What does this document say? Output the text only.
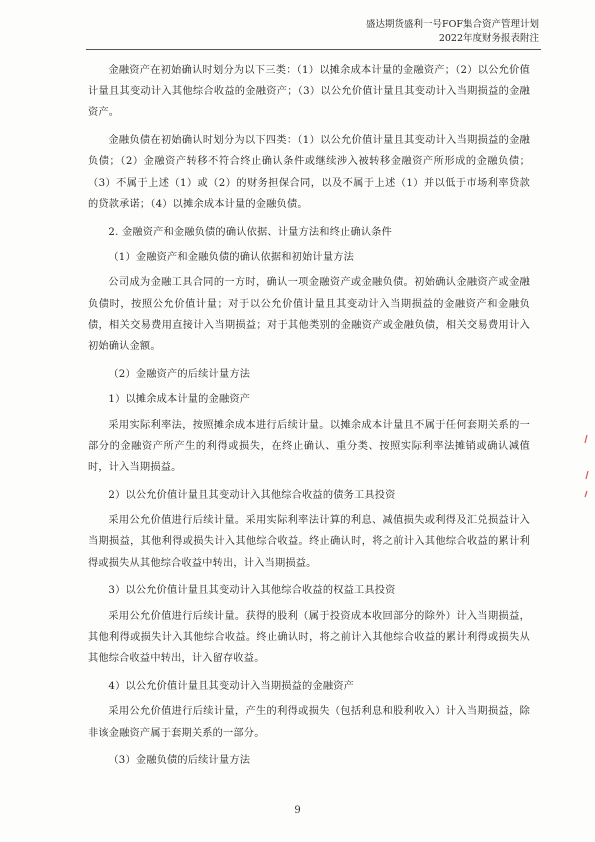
盛达期货盛利一号FOF集合资产管理计划
2022年度财务报表附注

金融资产在初始确认时划分为以下三类：（1）以摊余成本计量的金融资产；（2）以公允价值计量且其变动计入其他综合收益的金融资产；（3）以公允价值计量且其变动计入当期损益的金融资产。

金融负债在初始确认时划分为以下四类：（1）以公允价值计量且其变动计入当期损益的金融负债；（2）金融资产转移不符合终止确认条件或继续涉入被转移金融资产所形成的金融负债；（3）不属于上述（1）或（2）的财务担保合同，以及不属于上述（1）并以低于市场利率贷款的贷款承诺；（4）以摊余成本计量的金融负债。

2. 金融资产和金融负债的确认依据、计量方法和终止确认条件

（1）金融资产和金融负债的确认依据和初始计量方法

公司成为金融工具合同的一方时，确认一项金融资产或金融负债。初始确认金融资产或金融负债时，按照公允价值计量；对于以公允价值计量且其变动计入当期损益的金融资产和金融负债，相关交易费用直接计入当期损益；对于其他类别的金融资产或金融负债，相关交易费用计入初始确认金额。

（2）金融资产的后续计量方法

1）以摊余成本计量的金融资产

采用实际利率法，按照摊余成本进行后续计量。以摊余成本计量且不属于任何套期关系的一部分的金融资产所产生的利得或损失，在终止确认、重分类、按照实际利率法摊销或确认减值时，计入当期损益。

2）以公允价值计量且其变动计入其他综合收益的债务工具投资

采用公允价值进行后续计量。采用实际利率法计算的利息、减值损失或利得及汇兑损益计入当期损益，其他利得或损失计入其他综合收益。终止确认时，将之前计入其他综合收益的累计利得或损失从其他综合收益中转出，计入当期损益。

3）以公允价值计量且其变动计入其他综合收益的权益工具投资

采用公允价值进行后续计量。获得的股利（属于投资成本收回部分的除外）计入当期损益，其他利得或损失计入其他综合收益。终止确认时，将之前计入其他综合收益的累计利得或损失从其他综合收益中转出，计入留存收益。

4）以公允价值计量且其变动计入当期损益的金融资产

采用公允价值进行后续计量，产生的利得或损失（包括利息和股利收入）计入当期损益，除非该金融资产属于套期关系的一部分。

（3）金融负债的后续计量方法

9
